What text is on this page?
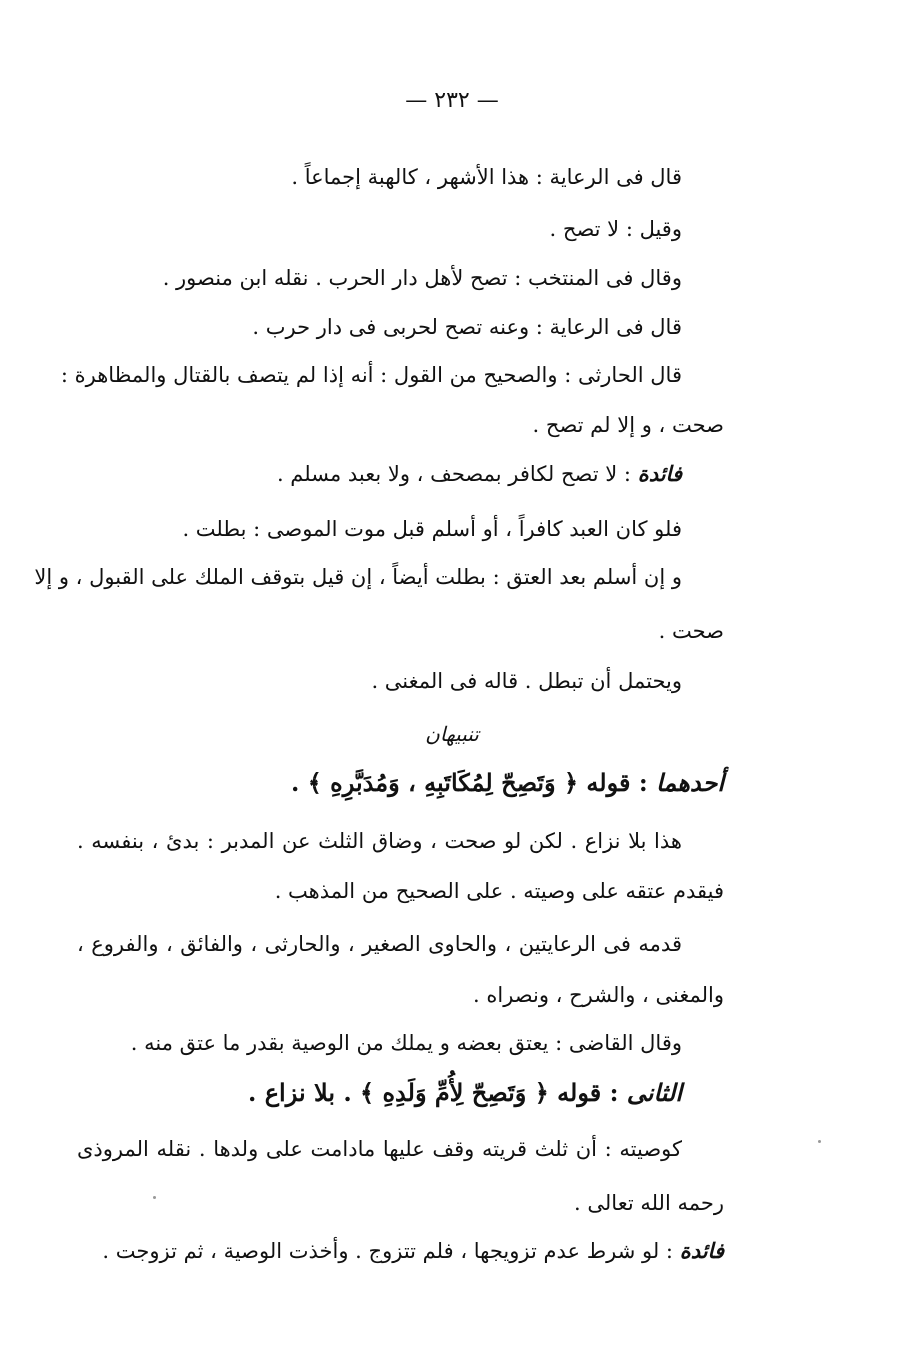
— ٢٣٢ —
قال فى الرعاية : هذا الأشهر ، كالهبة إجماعاً .
وقيل : لا تصح .
وقال فى المنتخب : تصح لأهل دار الحرب . نقله ابن منصور .
قال فى الرعاية : وعنه تصح لحربى فى دار حرب .
قال الحارثى : والصحيح من القول : أنه إذا لم يتصف بالقتال والمظاهرة :
صحت ، و إلا لم تصح .
فائدة : لا تصح لكافر بمصحف ، ولا بعبد مسلم .
فلو كان العبد كافراً ، أو أسلم قبل موت الموصى : بطلت .
و إن أسلم بعد العتق : بطلت أيضاً ، إن قيل بتوقف الملك على القبول ، و إلا
صحت .
ويحتمل أن تبطل . قاله فى المغنى .
تنبيهان
أحدهما : قوله ﴿ وَتَصِحّ لِمُكَاتَبِهِ ، وَمُدَبَّرِهِ ﴾ .
هذا بلا نزاع . لكن لو صحت ، وضاق الثلث عن المدبر : بدئ ، بنفسه .
فيقدم عتقه على وصيته . على الصحيح من المذهب .
قدمه فى الرعايتين ، والحاوى الصغير ، والحارثى ، والفائق ، والفروع ،
والمغنى ، والشرح ، ونصراه .
وقال القاضى : يعتق بعضه و يملك من الوصية بقدر ما عتق منه .
الثانى : قوله ﴿ وَتَصِحّ لِأُمِّ وَلَدِهِ ﴾ . بلا نزاع .
كوصيته : أن ثلث قريته وقف عليها مادامت على ولدها . نقله المروذى
رحمه الله تعالى .
فائدة : لو شرط عدم تزويجها ، فلم تتزوج . وأخذت الوصية ، ثم تزوجت .
